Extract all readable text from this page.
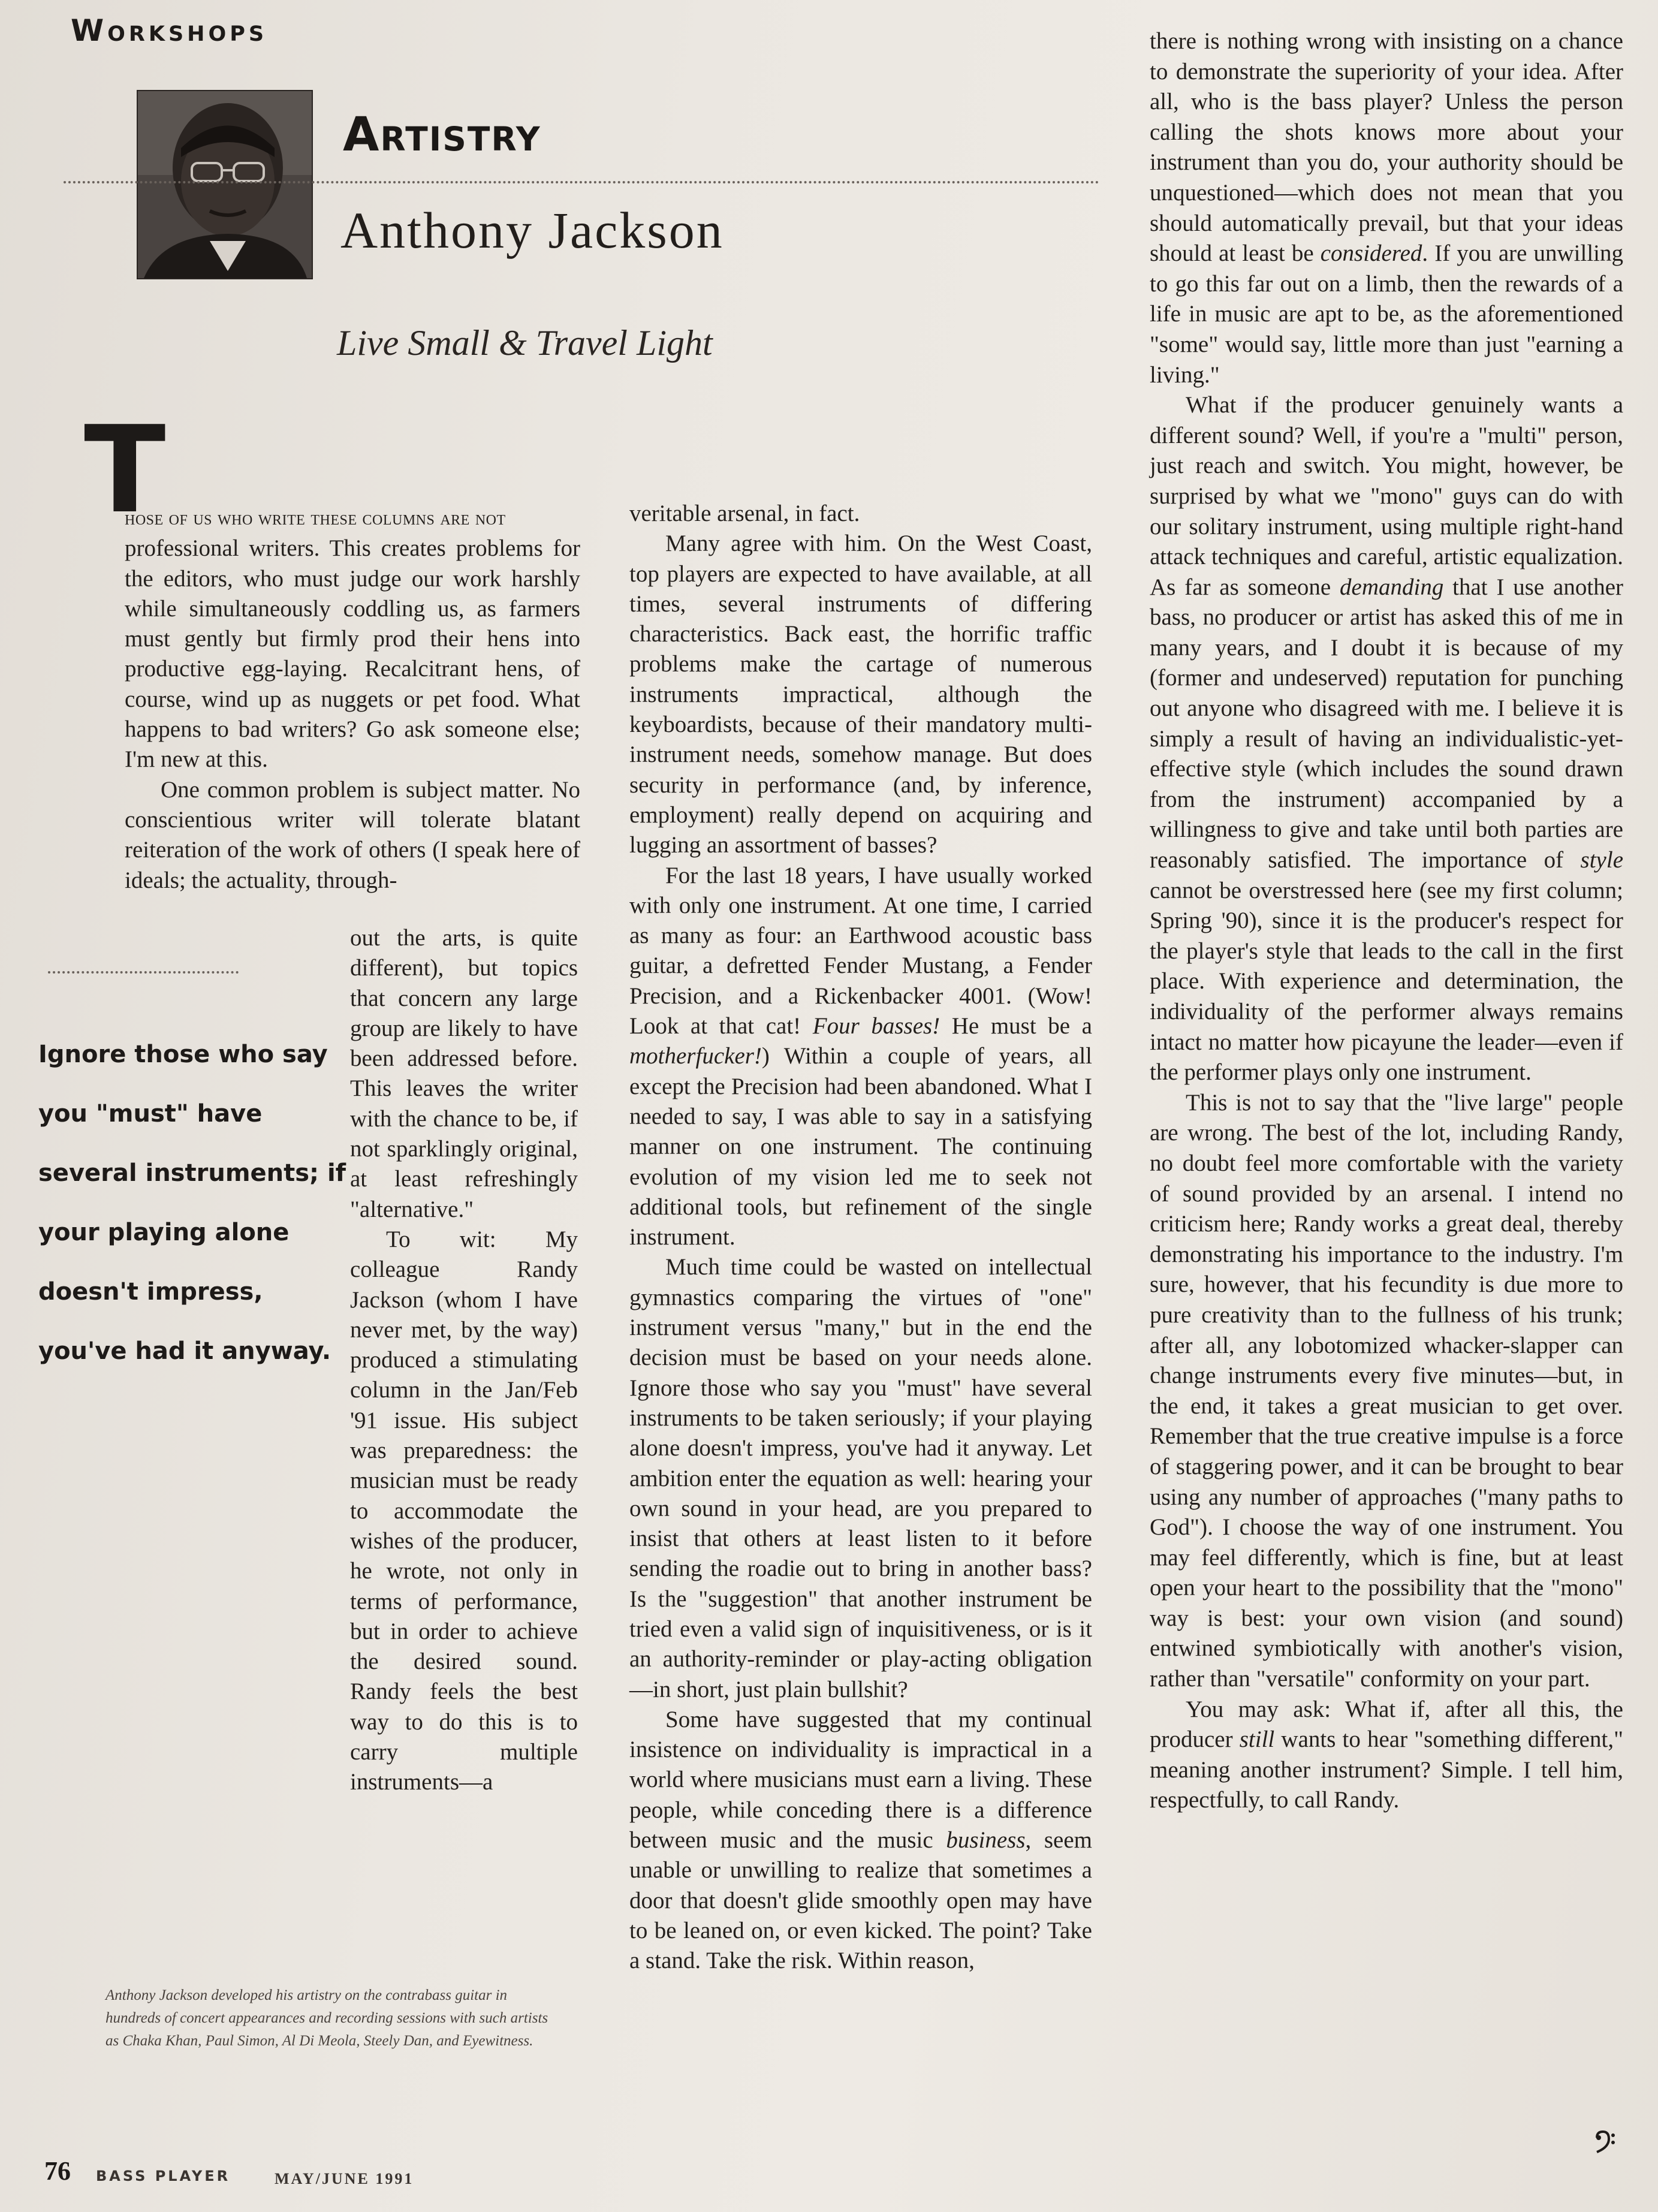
Workshops
Artistry
Anthony Jackson
Live Small & Travel Light
T

hose of us who write these columns are not

professional writers. This creates problems for the editors, who must judge our work harshly while simultaneously coddling us, as farmers must gently but firmly prod their hens into productive egg-laying. Recalcitrant hens, of course, wind up as nuggets or pet food. What happens to bad writers? Go ask someone else; I'm new at this.

One common problem is subject matter. No conscientious writer will tolerate blatant reiteration of the work of others (I speak here of ideals; the actuality, through-

out the arts, is quite different), but topics that concern any large group are likely to have been addressed before. This leaves the writer with the chance to be, if not sparklingly original, at least refreshingly "alternative."

To wit: My colleague Randy Jackson (whom I have never met, by the way) produced a stimulating column in the Jan/Feb '91 issue. His subject was preparedness: the musician must be ready to accommodate the wishes of the producer, he wrote, not only in terms of performance, but in order to achieve the desired sound. Randy feels the best way to do this is to carry multiple instruments—a

Ignore those who say you "must" have several instruments; if your playing alone doesn't impress, you've had it anyway.

veritable arsenal, in fact.

Many agree with him. On the West Coast, top players are expected to have available, at all times, several instruments of differing characteristics. Back east, the horrific traffic problems make the cartage of numerous instruments impractical, although the keyboardists, because of their mandatory multi-instrument needs, somehow manage. But does security in performance (and, by inference, employment) really depend on acquiring and lugging an assortment of basses?

For the last 18 years, I have usually worked with only one instrument. At one time, I carried as many as four: an Earthwood acoustic bass guitar, a defretted Fender Mustang, a Fender Precision, and a Rickenbacker 4001. (Wow! Look at that cat! Four basses! He must be a motherfucker!) Within a couple of years, all except the Precision had been abandoned. What I needed to say, I was able to say in a satisfying manner on one instrument. The continuing evolution of my vision led me to seek not additional tools, but refinement of the single instrument.

Much time could be wasted on intellectual gymnastics comparing the virtues of "one" instrument versus "many," but in the end the decision must be based on your needs alone. Ignore those who say you "must" have several instruments to be taken seriously; if your playing alone doesn't impress, you've had it anyway. Let ambition enter the equation as well: hearing your own sound in your head, are you prepared to insist that others at least listen to it before sending the roadie out to bring in another bass? Is the "suggestion" that another instrument be tried even a valid sign of inquisitiveness, or is it an authority-reminder or play-acting obligation—in short, just plain bullshit?

Some have suggested that my continual insistence on individuality is impractical in a world where musicians must earn a living. These people, while conceding there is a difference between music and the music business, seem unable or unwilling to realize that sometimes a door that doesn't glide smoothly open may have to be leaned on, or even kicked. The point? Take a stand. Take the risk. Within reason,

there is nothing wrong with insisting on a chance to demonstrate the superiority of your idea. After all, who is the bass player? Unless the person calling the shots knows more about your instrument than you do, your authority should be unquestioned—which does not mean that you should automatically prevail, but that your ideas should at least be considered. If you are unwilling to go this far out on a limb, then the rewards of a life in music are apt to be, as the aforementioned "some" would say, little more than just "earning a living."

What if the producer genuinely wants a different sound? Well, if you're a "multi" person, just reach and switch. You might, however, be surprised by what we "mono" guys can do with our solitary instrument, using multiple right-hand attack techniques and careful, artistic equalization. As far as someone demanding that I use another bass, no producer or artist has asked this of me in many years, and I doubt it is because of my (former and undeserved) reputation for punching out anyone who disagreed with me. I believe it is simply a result of having an individualistic-yet-effective style (which includes the sound drawn from the instrument) accompanied by a willingness to give and take until both parties are reasonably satisfied. The importance of style cannot be overstressed here (see my first column; Spring '90), since it is the producer's respect for the player's style that leads to the call in the first place. With experience and determination, the individuality of the performer always remains intact no matter how picayune the leader—even if the performer plays only one instrument.

This is not to say that the "live large" people are wrong. The best of the lot, including Randy, no doubt feel more comfortable with the variety of sound provided by an arsenal. I intend no criticism here; Randy works a great deal, thereby demonstrating his importance to the industry. I'm sure, however, that his fecundity is due more to pure creativity than to the fullness of his trunk; after all, any lobotomized whacker-slapper can change instruments every five minutes—but, in the end, it takes a great musician to get over. Remember that the true creative impulse is a force of staggering power, and it can be brought to bear using any number of approaches ("many paths to God"). I choose the way of one instrument. You may feel differently, which is fine, but at least open your heart to the possibility that the "mono" way is best: your own vision (and sound) entwined symbiotically with another's vision, rather than "versatile" conformity on your part.

You may ask: What if, after all this, the producer still wants to hear "something different," meaning another instrument? Simple. I tell him, respectfully, to call Randy.

Anthony Jackson developed his artistry on the contrabass guitar in hundreds of concert appearances and recording sessions with such artists as Chaka Khan, Paul Simon, Al Di Meola, Steely Dan, and Eyewitness.
76 BASS PLAYER	MAY/JUNE 1991
